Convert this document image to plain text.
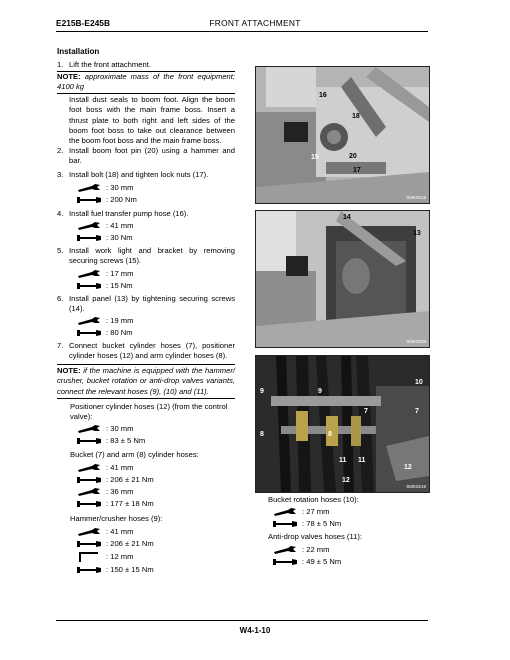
E215B-E245B	FRONT ATTACHMENT
Installation
1. Lift the front attachment.
NOTE: approximate mass of the front equipment: 4100 kg
Install dust seals to boom foot. Align the boom foot boss with the main frame boss. Insert a thrust plate to both right and left sides of the boom foot boss to take out clearance between the boom foot boss and the main frame boss.
2. Install boom foot pin (20) using a hammer and bar.
3. Install bolt (18) and tighten lock nuts (17).
: 30 mm
: 200 Nm
4. Install fuel transfer pump hose (16).
: 41 mm
: 30 Nm
5. Install work light and bracket by removing securing screws (15).
: 17 mm
: 15 Nm
6. Install panel (13) by tightening securing screws (14).
: 19 mm
: 80 Nm
7. Connect bucket cylinder hoses (7), positioner cylinder hoses (12) and arm cylinder hoses (8).
NOTE: if the machine is equipped with the hammer/ crusher, bucket rotation or anti-drop valves variants, connect the relevant hoses (9), (10) and (11).
Positioner cylinder hoses (12) (from the control valve):
: 30 mm
: 83 ± 5 Nm
Bucket (7) and arm (8) cylinder hoses:
: 41 mm
: 206 ± 21 Nm
: 36 mm
: 177 ± 18 Nm
Hammer/crusher hoses (9):
: 41 mm
: 206 ± 21 Nm
: 12 mm
: 150 ± 15 Nm
16
18
15	20
17
SMK0218
14
13
SMK0208
9	9
10
7	7
8	8
11 11
12
12
SMK0219
Bucket rotation hoses (10):
: 27 mm
: 78 ± 5 Nm
Anti-drop valves hoses (11):
: 22 mm
: 49 ± 5 Nm
W4-1-10
